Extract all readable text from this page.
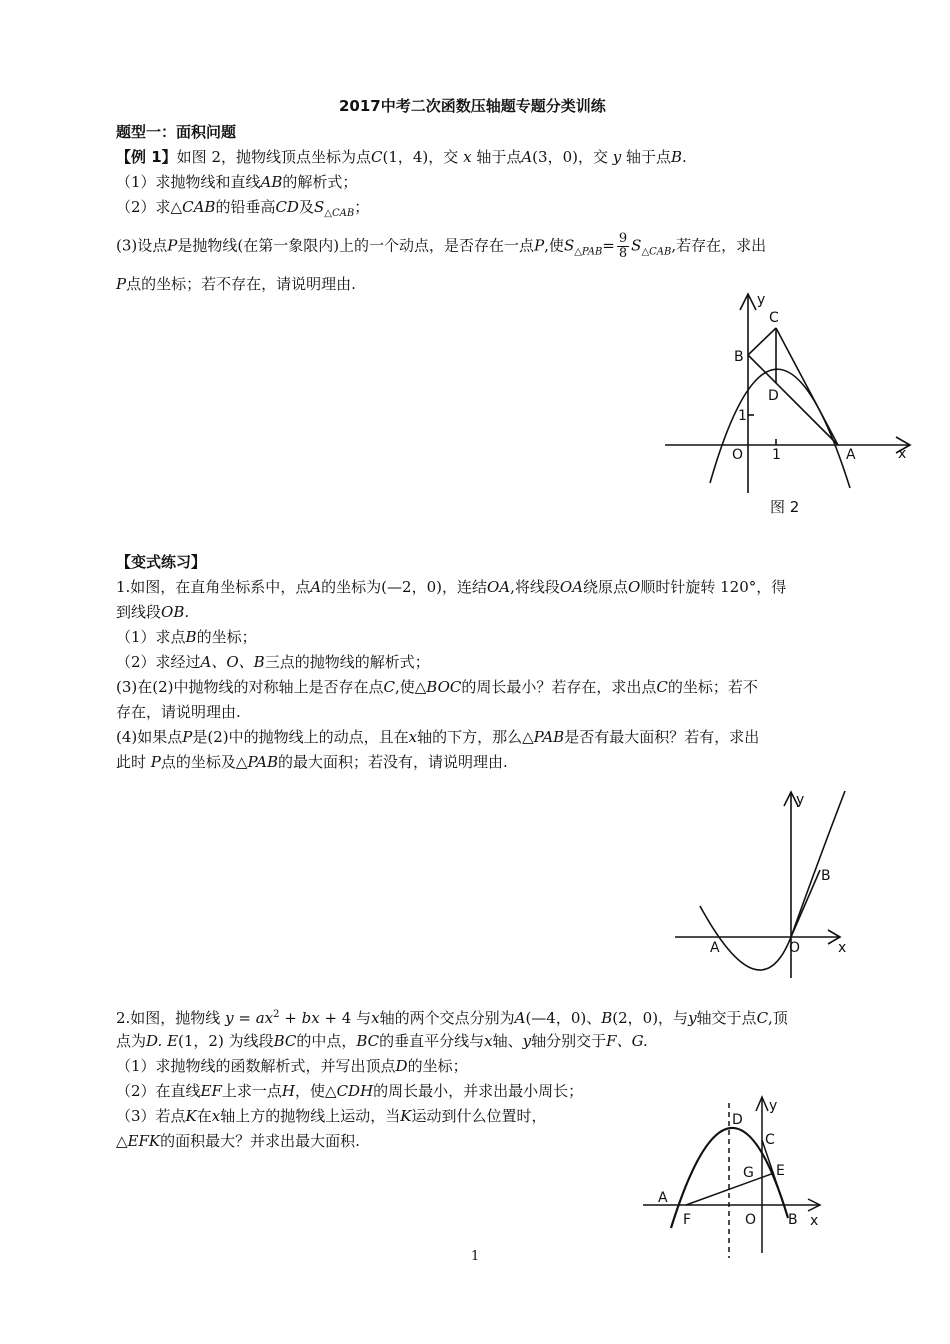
2017中考二次函数压轴题专题分类训练
题型一：面积问题
【例 1】如图 2，抛物线顶点坐标为点C(1，4)，交 x 轴于点A(3，0)，交 y 轴于点B.
（1）求抛物线和直线AB的解析式；
（2）求△CAB的铅垂高CD及$S_{\triangle CAB}$；
(3)设点P是抛物线(在第一象限内)上的一个动点，是否存在一点P,使$S_{\triangle PAB}= \frac{9}{8} S_{\triangle CAB}$,若存在，求出
P点的坐标；若不存在，请说明理由.
y
C
B
D
1
O 1	A	x
图 2
【变式练习】
1.如图，在直角坐标系中，点A的坐标为(—2，0)，连结OA,将线段OA绕原点O顺时针旋转 120°，得
到线段OB.
（1）求点B的坐标；
（2）求经过A、O、B三点的抛物线的解析式；
(3)在(2)中抛物线的对称轴上是否存在点C,使△BOC的周长最小？若存在，求出点C的坐标；若不
存在，请说明理由.
(4)如果点P是(2)中的抛物线上的动点，且在x轴的下方，那么△PAB是否有最大面积？若有，求出
此时 P点的坐标及△PAB的最大面积；若没有，请说明理由.
y
B
A	O	x
2.如图，抛物线 $y = ax^2$ + bx + 4 与x轴的两个交点分别为A(—4，0)、B(2，0)，与y轴交于点C,顶
点为D. E(1，2) 为线段BC的中点，BC的垂直平分线与x轴、y轴分别交于F、G.
（1）求抛物线的函数解析式，并写出顶点D的坐标；
（2）在直线EF上求一点H，使△CDH的周长最小，并求出最小周长；
（3）若点K在x轴上方的抛物线上运动，当K运动到什么位置时，
△EFK的面积最大？并求出最大面积.
D
y
C
G E
A
F	O B x
1
